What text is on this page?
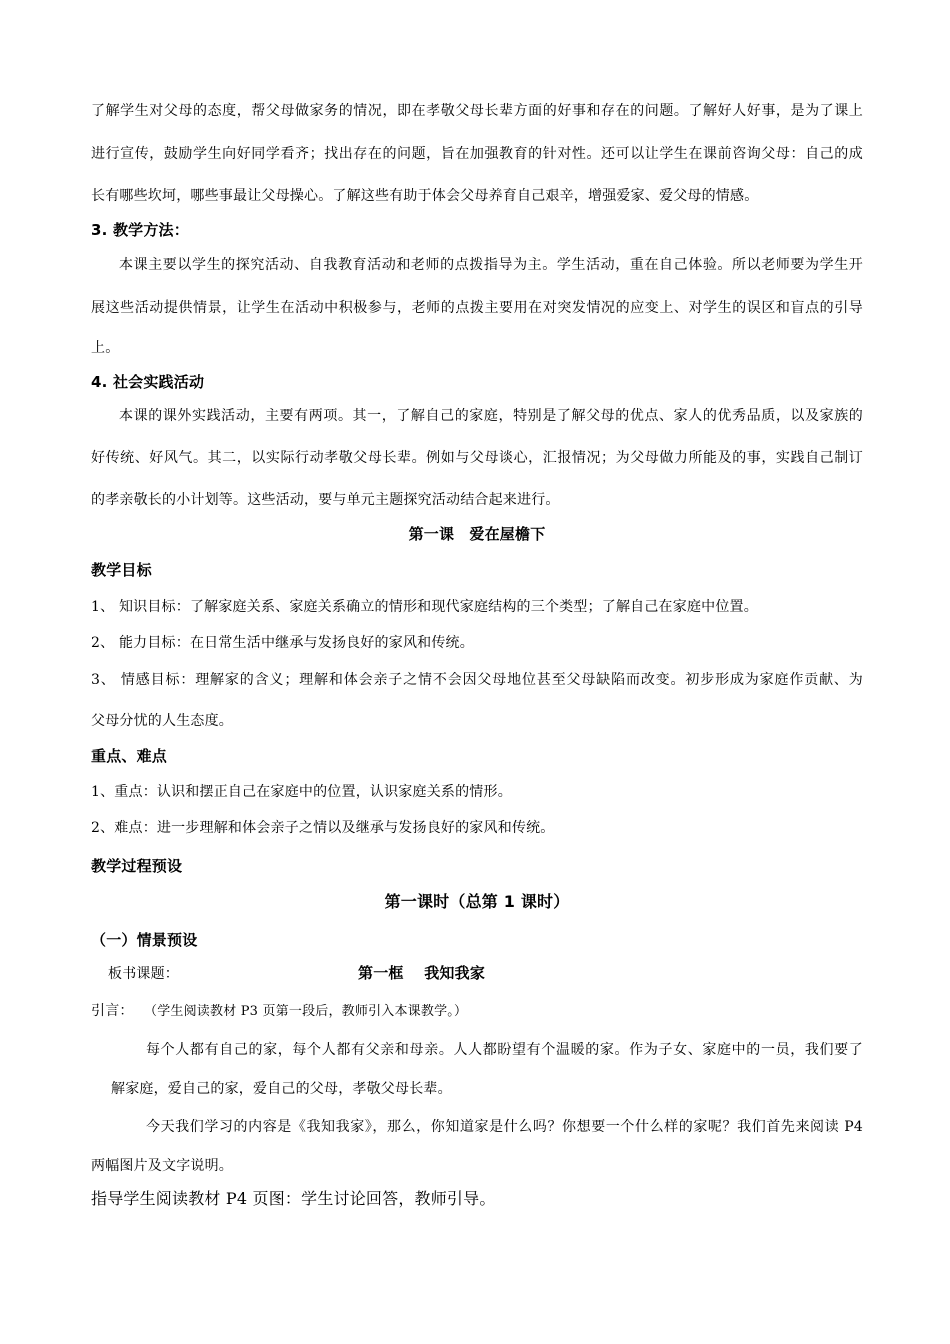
了解学生对父母的态度，帮父母做家务的情况，即在孝敬父母长辈方面的好事和存在的问题。了解好人好事，是为了课上
进行宣传，鼓励学生向好同学看齐；找出存在的问题，旨在加强教育的针对性。还可以让学生在课前咨询父母：自己的成
长有哪些坎坷，哪些事最让父母操心。了解这些有助于体会父母养育自己艰辛，增强爱家、爱父母的情感。
3. 教学方法：
本课主要以学生的探究活动、自我教育活动和老师的点拨指导为主。学生活动，重在自己体验。所以老师要为学生开
展这些活动提供情景，让学生在活动中积极参与，老师的点拨主要用在对突发情况的应变上、对学生的误区和盲点的引导
上。
4. 社会实践活动
本课的课外实践活动，主要有两项。其一，了解自己的家庭，特别是了解父母的优点、家人的优秀品质，以及家族的
好传统、好风气。其二，以实际行动孝敬父母长辈。例如与父母谈心，汇报情况；为父母做力所能及的事，实践自己制订
的孝亲敬长的小计划等。这些活动，要与单元主题探究活动结合起来进行。
第一课　爱在屋檐下
教学目标
1、 知识目标：了解家庭关系、家庭关系确立的情形和现代家庭结构的三个类型；了解自己在家庭中位置。
2、 能力目标：在日常生活中继承与发扬良好的家风和传统。
3、 情感目标：理解家的含义；理解和体会亲子之情不会因父母地位甚至父母缺陷而改变。初步形成为家庭作贡献、为
父母分忧的人生态度。
重点、难点
1、重点：认识和摆正自己在家庭中的位置，认识家庭关系的情形。
2、难点：进一步理解和体会亲子之情以及继承与发扬良好的家风和传统。
教学过程预设
第一课时（总第 1 课时）
（一）情景预设
板书课题：	第一框　 我知我家
引言： （学生阅读教材 P3 页第一段后，教师引入本课教学。）
每个人都有自己的家，每个人都有父亲和母亲。人人都盼望有个温暖的家。作为子女、家庭中的一员，我们要了
解家庭，爱自己的家，爱自己的父母，孝敬父母长辈。
今天我们学习的内容是《我知我家》，那么，你知道家是什么吗？你想要一个什么样的家呢？我们首先来阅读 P4
两幅图片及文字说明。
指导学生阅读教材 P4 页图：学生讨论回答，教师引导。
